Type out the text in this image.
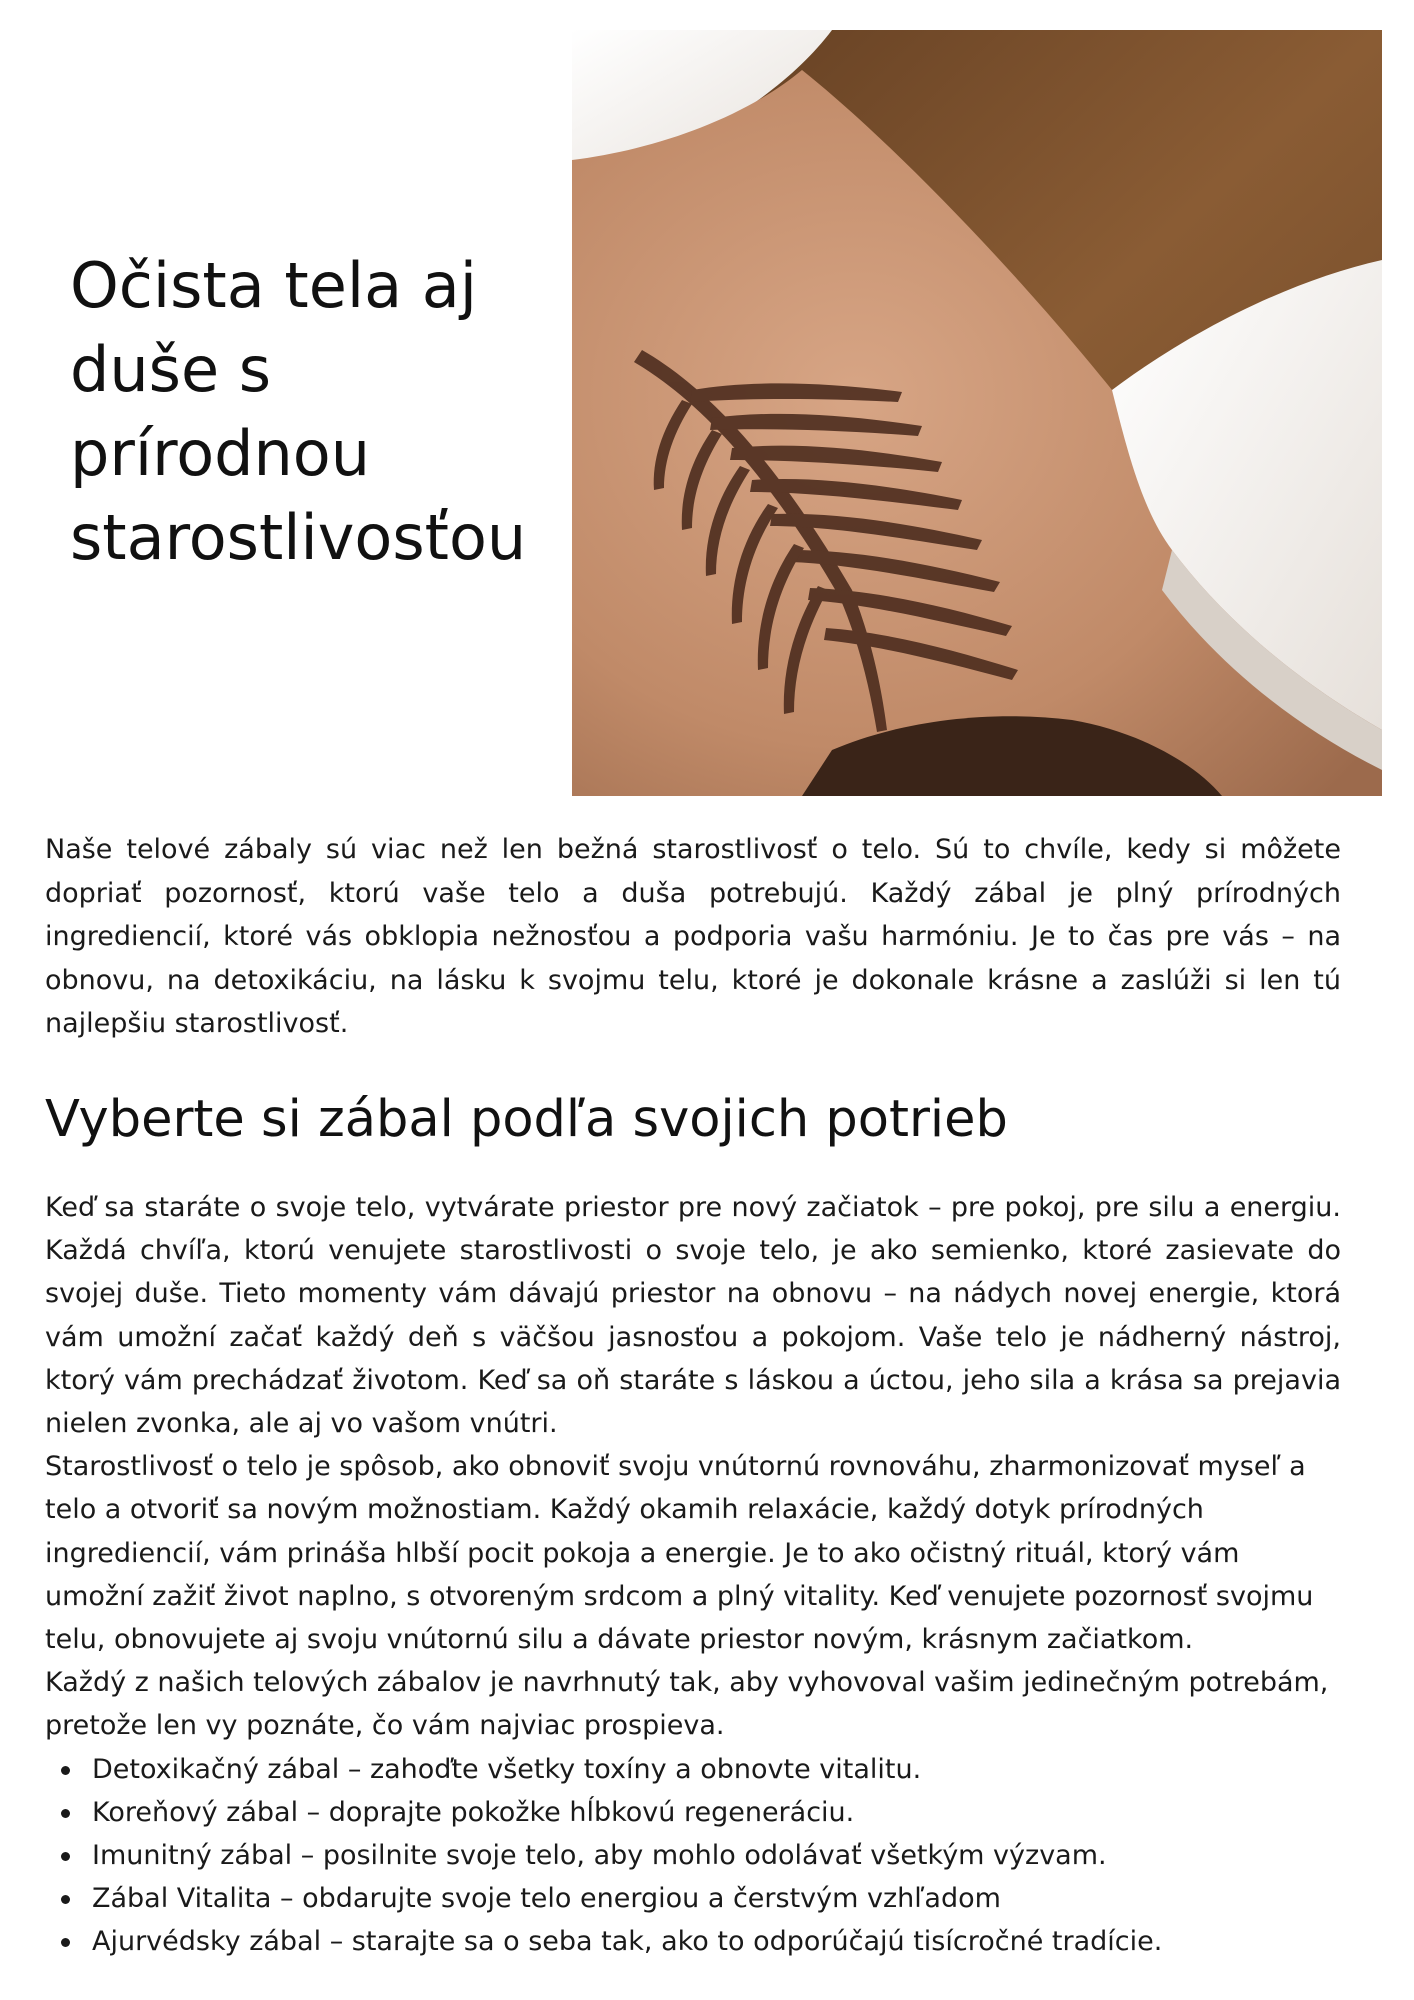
Očista tela aj duše s prírodnou starostlivosťou

Naše telové zábaly sú viac než len bežná starostlivosť o telo. Sú to chvíle, kedy si môžete dopriať pozornosť, ktorú vaše telo a duša potrebujú. Každý zábal je plný prírodných ingrediencií, ktoré vás obklopia nežnosťou a podporia vašu harmóniu. Je to čas pre vás – na obnovu, na detoxikáciu, na lásku k svojmu telu, ktoré je dokonale krásne a zaslúži si len tú najlepšiu starostlivosť.

Vyberte si zábal podľa svojich potrieb

Keď sa staráte o svoje telo, vytvárate priestor pre nový začiatok – pre pokoj, pre silu a energiu. Každá chvíľa, ktorú venujete starostlivosti o svoje telo, je ako semienko, ktoré zasievate do svojej duše. Tieto momenty vám dávajú priestor na obnovu – na nádych novej energie, ktorá vám umožní začať každý deň s väčšou jasnosťou a pokojom. Vaše telo je nádherný nástroj, ktorý vám prechádzať životom. Keď sa oň staráte s láskou a úctou, jeho sila a krása sa prejavia nielen zvonka, ale aj vo vašom vnútri.

Starostlivosť o telo je spôsob, ako obnoviť svoju vnútornú rovnováhu, zharmonizovať myseľ a telo a otvoriť sa novým možnostiam. Každý okamih relaxácie, každý dotyk prírodných ingrediencií, vám prináša hlbší pocit pokoja a energie. Je to ako očistný rituál, ktorý vám umožní zažiť život naplno, s otvoreným srdcom a plný vitality. Keď venujete pozornosť svojmu telu, obnovujete aj svoju vnútornú silu a dávate priestor novým, krásnym začiatkom.

Každý z našich telových zábalov je navrhnutý tak, aby vyhovoval vašim jedinečným potrebám, pretože len vy poznáte, čo vám najviac prospieva.

Detoxikačný zábal – zahoďte všetky toxíny a obnovte vitalitu.
Koreňový zábal – doprajte pokožke hĺbkovú regeneráciu.
Imunitný zábal – posilnite svoje telo, aby mohlo odolávať všetkým výzvam.
Zábal Vitalita – obdarujte svoje telo energiou a čerstvým vzhľadom
Ajurvédsky zábal – starajte sa o seba tak, ako to odporúčajú tisícročné tradície.
